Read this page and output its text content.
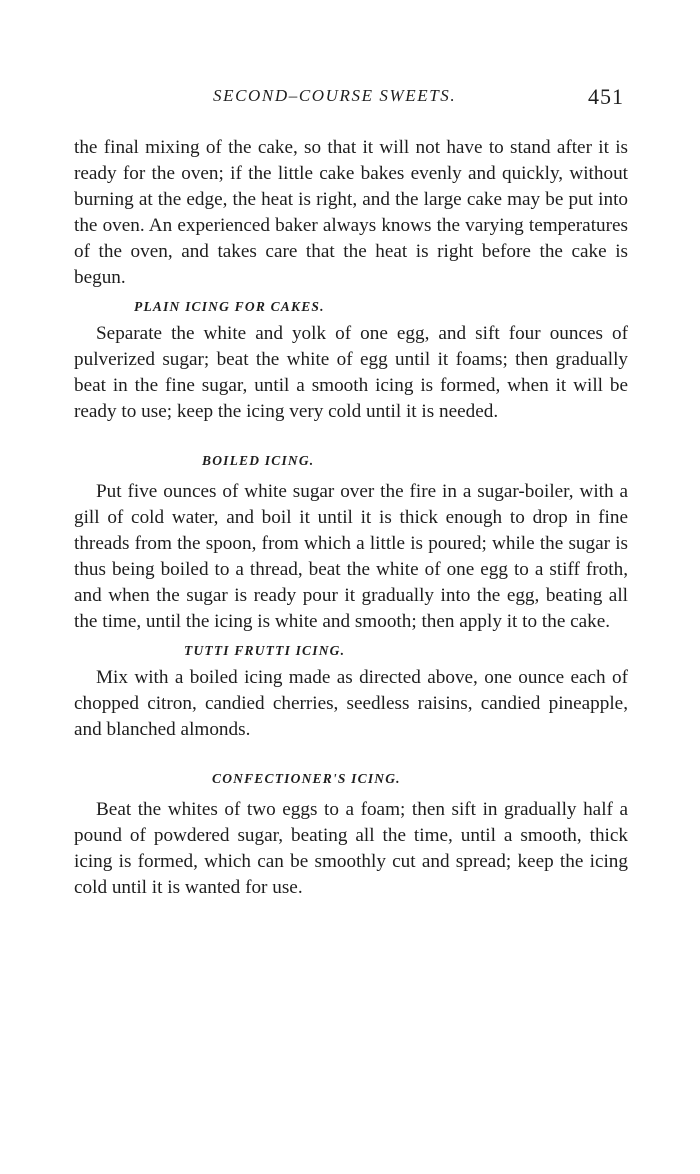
SECOND–COURSE SWEETS.	451

the final mixing of the cake, so that it will not have to stand after it is ready for the oven; if the little cake bakes evenly and quickly, without burning at the edge, the heat is right, and the large cake may be put into the oven. An experienced baker always knows the varying temperatures of the oven, and takes care that the heat is right before the cake is begun.

PLAIN ICING FOR CAKES.

Separate the white and yolk of one egg, and sift four ounces of pulverized sugar; beat the white of egg until it foams; then gradually beat in the fine sugar, until a smooth icing is formed, when it will be ready to use; keep the icing very cold until it is needed.

BOILED ICING.

Put five ounces of white sugar over the fire in a sugar-boiler, with a gill of cold water, and boil it until it is thick enough to drop in fine threads from the spoon, from which a little is poured; while the sugar is thus being boiled to a thread, beat the white of one egg to a stiff froth, and when the sugar is ready pour it gradually into the egg, beating all the time, until the icing is white and smooth; then apply it to the cake.

TUTTI FRUTTI ICING.

Mix with a boiled icing made as directed above, one ounce each of chopped citron, candied cherries, seedless raisins, candied pineapple, and blanched almonds.

CONFECTIONER'S ICING.

Beat the whites of two eggs to a foam; then sift in gradually half a pound of powdered sugar, beating all the time, until a smooth, thick icing is formed, which can be smoothly cut and spread; keep the icing cold until it is wanted for use.
